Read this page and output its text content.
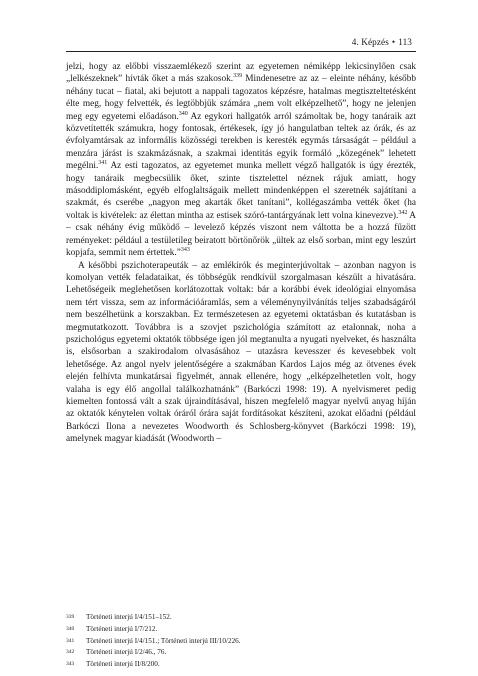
4. Képzés • 113

jelzi, hogy az előbbi visszaemlékező szerint az egyetemen némiképp lekicsinylően csak „lelkészeknek” hívták őket a más szakosok.$^{339}$ Mindenesetre az az – eleinte néhány, később néhány tucat – fiatal, aki bejutott a nappali tagozatos képzésre, hatalmas megtiszteltetésként élte meg, hogy felvették, és legtöbbjük számára „nem volt elképzelhető”, hogy ne jelenjen meg egy egyetemi előadáson.$^{340}$ Az egykori hallgatók arról számoltak be, hogy tanáraik azt közvetítették számukra, hogy fontosak, értékesek, így jó hangulatban teltek az órák, és az évfolyamtársak az informális közösségi terekben is keresték egymás társaságát – például a menzára járást is szakmázásnak, a szakmai identitás egyik formáló „közegének” lehetett megélni.$^{341}$ Az esti tagozatos, az egyetemet munka mellett végző hallgatók is úgy érezték, hogy tanáraik megbecsülik őket, szinte tisztelettel néznek rájuk amiatt, hogy másoddiplomásként, egyéb elfoglaltságaik mellett mindenképpen el szeretnék sajátítani a szakmát, és cserébe „nagyon meg akarták őket tanítani”, kollégaszámba vették őket (ha voltak is kivételek: az élettan mintha az estisek szóró-tantárgyának lett volna kinevezve).$^{342}$ A – csak néhány évig működő – levelező képzés viszont nem váltotta be a hozzá fűzött reményeket: például a testületileg beiratott börtönőrök „ültek az első sorban, mint egy leszúrt kopjafa, semmit nem értettek.”$^{343}$

A későbbi pszichoterapeuták – az emlékírók és meginterjúvoltak – azonban nagyon is komolyan vették feladataikat, és többségük rendkívül szorgalmasan készült a hivatására. Lehetőségeik meglehetősen korlátozottak voltak: bár a korábbi évek ideológiai elnyomása nem tért vissza, sem az információáramlás, sem a véleménynyilvánítás teljes szabadságáról nem beszélhetünk a korszakban. Ez természetesen az egyetemi oktatásban és kutatásban is megmutatkozott. Továbbra is a szovjet pszichológia számított az etalonnak, noha a pszichológus egyetemi oktatók többsége igen jól megtanulta a nyugati nyelveket, és használta is, elsősorban a szakirodalom olvasásához – utazásra kevesszer és kevesebbek volt lehetősége. Az angol nyelv jelentőségére a szakmában Kardos Lajos még az ötvenes évek elején felhívta munkatársai figyelmét, annak ellenére, hogy „elképzelhetetlen volt, hogy valaha is egy élő angollal találkozhatnánk” (Barkóczi 1998: 19). A nyelvismeret pedig kiemelten fontossá vált a szak újraindításával, hiszen megfelelő magyar nyelvű anyag híján az oktatók kénytelen voltak óráról órára saját fordításokat készíteni, azokat előadni (például Barkóczi Ilona a nevezetes Woodworth és Schlosberg-könyvet (Barkóczi 1998: 19), amelynek magyar kiadását (Woodworth –

339	Történeti interjú I/4/151–152.
340	Történeti interjú I/7/212.
341	Történeti interjú I/4/151.; Történeti interjú III/10/226.
342	Történeti interjú I/2/46., 76.
343	Történeti interjú II/8/200.
